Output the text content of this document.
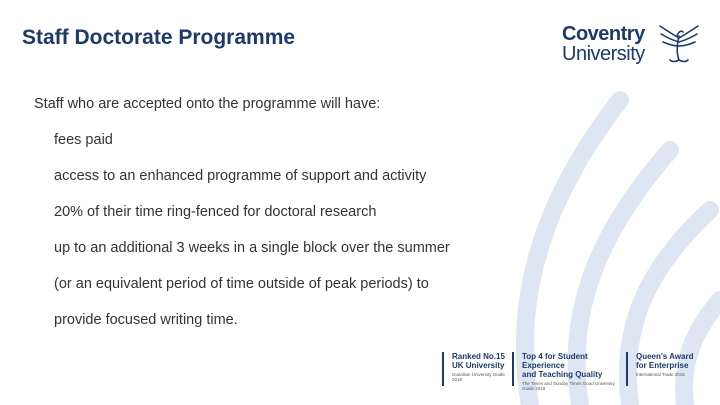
Staff Doctorate Programme	Coventry
University
Staff who are accepted onto the programme will have:
fees paid
access to an enhanced programme of support and activity
20% of their time ring-fenced for doctoral research
up to an additional 3 weeks in a single block over the summer
(or an equivalent period of time outside of peak periods) to
provide focused writing time.
Ranked No.15
UK University
Guardian University Guide 2018
Top 4 for Student Experience
and Teaching Quality
The Times and Sunday Times Good University Guide 2018
Queen's Award
for Enterprise
International Trade 2015
